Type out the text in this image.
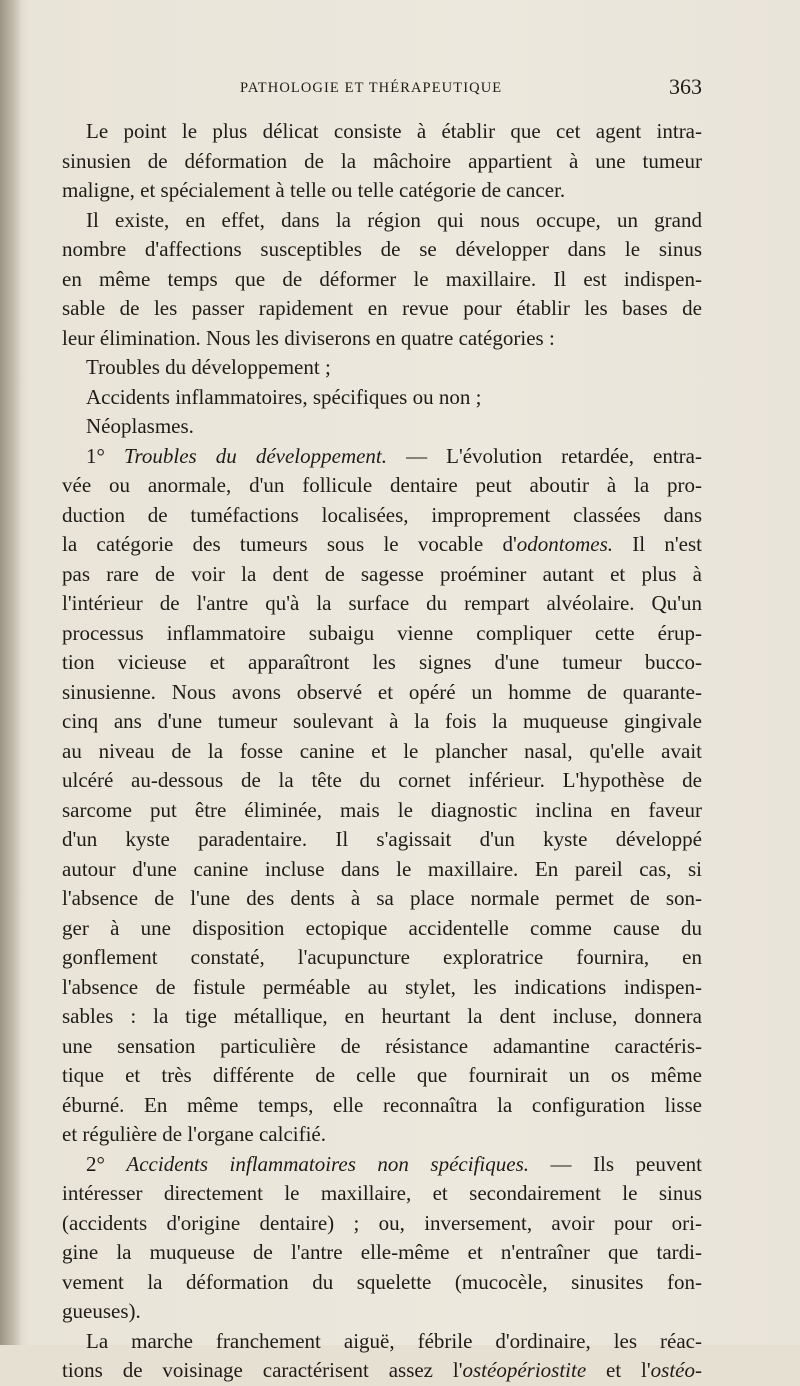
PATHOLOGIE ET THÉRAPEUTIQUE	363
Le point le plus délicat consiste à établir que cet agent intra-
sinusien de déformation de la mâchoire appartient à une tumeur
maligne, et spécialement à telle ou telle catégorie de cancer.
Il existe, en effet, dans la région qui nous occupe, un grand
nombre d'affections susceptibles de se développer dans le sinus
en même temps que de déformer le maxillaire. Il est indispen-
sable de les passer rapidement en revue pour établir les bases de
leur élimination. Nous les diviserons en quatre catégories :
Troubles du développement ;
Accidents inflammatoires, spécifiques ou non ;
Néoplasmes.
1° Troubles du développement. — L'évolution retardée, entra-
vée ou anormale, d'un follicule dentaire peut aboutir à la pro-
duction de tuméfactions localisées, improprement classées dans
la catégorie des tumeurs sous le vocable d'odontomes. Il n'est
pas rare de voir la dent de sagesse proéminer autant et plus à
l'intérieur de l'antre qu'à la surface du rempart alvéolaire. Qu'un
processus inflammatoire subaigu vienne compliquer cette érup-
tion vicieuse et apparaîtront les signes d'une tumeur bucco-
sinusienne. Nous avons observé et opéré un homme de quarante-
cinq ans d'une tumeur soulevant à la fois la muqueuse gingivale
au niveau de la fosse canine et le plancher nasal, qu'elle avait
ulcéré au-dessous de la tête du cornet inférieur. L'hypothèse de
sarcome put être éliminée, mais le diagnostic inclina en faveur
d'un kyste paradentaire. Il s'agissait d'un kyste développé
autour d'une canine incluse dans le maxillaire. En pareil cas, si
l'absence de l'une des dents à sa place normale permet de son-
ger à une disposition ectopique accidentelle comme cause du
gonflement constaté, l'acupuncture exploratrice fournira, en
l'absence de fistule perméable au stylet, les indications indispen-
sables : la tige métallique, en heurtant la dent incluse, donnera
une sensation particulière de résistance adamantine caractéris-
tique et très différente de celle que fournirait un os même
éburné. En même temps, elle reconnaîtra la configuration lisse
et régulière de l'organe calcifié.
2° Accidents inflammatoires non spécifiques. — Ils peuvent
intéresser directement le maxillaire, et secondairement le sinus
(accidents d'origine dentaire) ; ou, inversement, avoir pour ori-
gine la muqueuse de l'antre elle-même et n'entraîner que tardi-
vement la déformation du squelette (mucocèle, sinusites fon-
gueuses).
La marche franchement aiguë, fébrile d'ordinaire, les réac-
tions de voisinage caractérisent assez l'ostéopériostite et l'ostéo-
